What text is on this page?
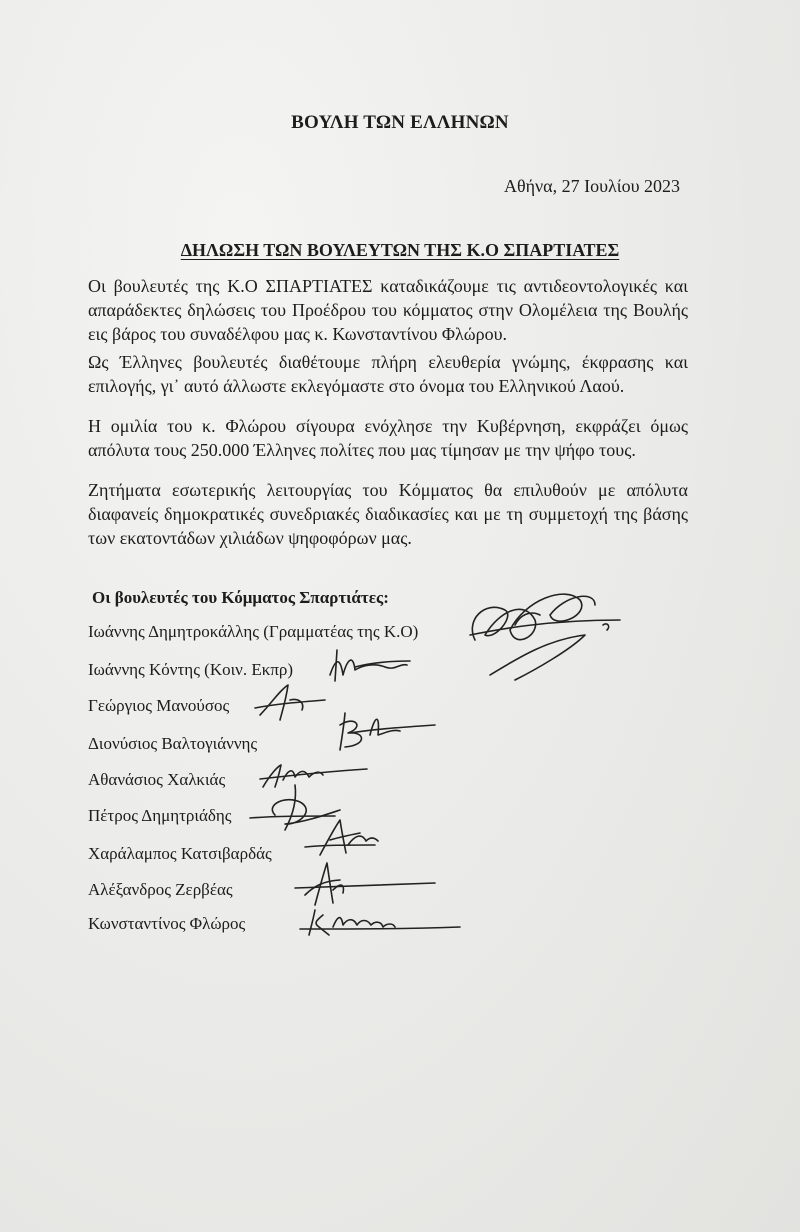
ΒΟΥΛΗ ΤΩΝ ΕΛΛΗΝΩΝ
Αθήνα, 27 Ιουλίου 2023
ΔΗΛΩΣΗ ΤΩΝ ΒΟΥΛΕΥΤΩΝ ΤΗΣ Κ.Ο ΣΠΑΡΤΙΑΤΕΣ
Οι βουλευτές της Κ.Ο ΣΠΑΡΤΙΑΤΕΣ καταδικάζουμε τις αντιδεοντολογικές και απαράδεκτες δηλώσεις του Προέδρου του κόμματος στην Ολομέλεια της Βουλής εις βάρος του συναδέλφου μας κ. Κωνσταντίνου Φλώρου.
Ως Έλληνες βουλευτές διαθέτουμε πλήρη ελευθερία γνώμης, έκφρασης και επιλογής, γι᾽ αυτό άλλωστε εκλεγόμαστε στο όνομα του Ελληνικού Λαού.
Η ομιλία του κ. Φλώρου σίγουρα ενόχλησε την Κυβέρνηση, εκφράζει όμως απόλυτα τους 250.000 Έλληνες πολίτες που μας τίμησαν με την ψήφο τους.
Ζητήματα εσωτερικής λειτουργίας του Κόμματος θα επιλυθούν με απόλυτα διαφανείς δημοκρατικές συνεδριακές διαδικασίες και με τη συμμετοχή της βάσης των εκατοντάδων χιλιάδων ψηφοφόρων μας.
Οι βουλευτές του Κόμματος Σπαρτιάτες:
Ιωάννης Δημητροκάλλης (Γραμματέας της Κ.Ο)
Ιωάννης Κόντης (Κοιν. Εκπρ)
Γεώργιος Μανούσος
Διονύσιος Βαλτογιάννης
Αθανάσιος Χαλκιάς
Πέτρος Δημητριάδης
Χαράλαμπος Κατσιβαρδάς
Αλέξανδρος Ζερβέας
Κωνσταντίνος Φλώρος
